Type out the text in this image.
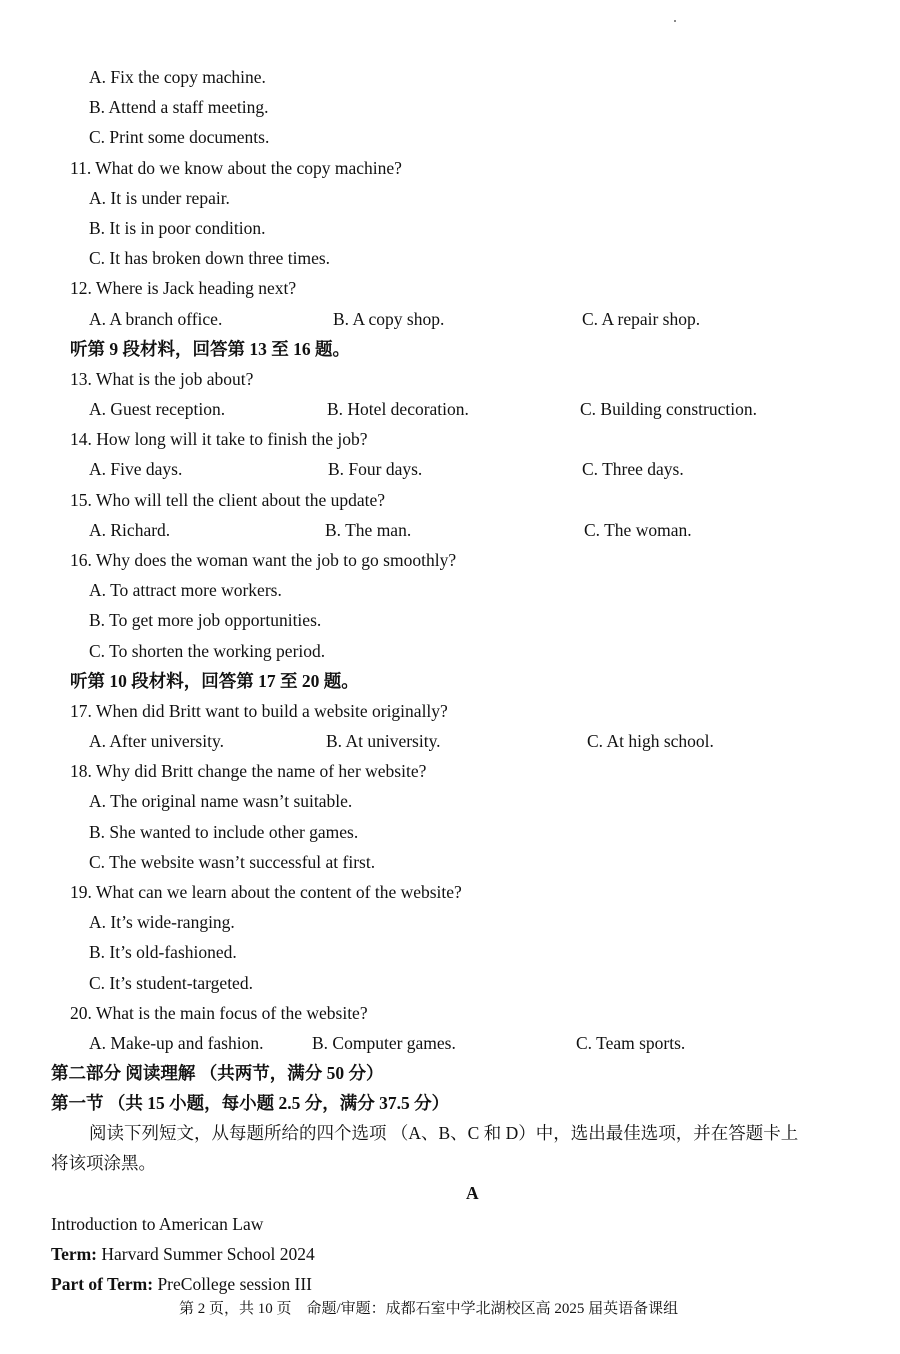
A. Fix the copy machine.
B. Attend a staff meeting.
C. Print some documents.
11. What do we know about the copy machine?
A. It is under repair.
B. It is in poor condition.
C. It has broken down three times.
12. Where is Jack heading next?
A. A branch office.	B. A copy shop.	C. A repair shop.
听第 9 段材料，回答第 13 至 16 题。
13. What is the job about?
A. Guest reception.	B. Hotel decoration.	C. Building construction.
14. How long will it take to finish the job?
A. Five days.	B. Four days.	C. Three days.
15. Who will tell the client about the update?
A. Richard.	B. The man.	C. The woman.
16. Why does the woman want the job to go smoothly?
A. To attract more workers.
B. To get more job opportunities.
C. To shorten the working period.
听第 10 段材料，回答第 17 至 20 题。
17. When did Britt want to build a website originally?
A. After university.	B. At university.	C. At high school.
18. Why did Britt change the name of her website?
A. The original name wasn’t suitable.
B. She wanted to include other games.
C. The website wasn’t successful at first.
19. What can we learn about the content of the website?
A. It’s wide-ranging.
B. It’s old-fashioned.
C. It’s student-targeted.
20. What is the main focus of the website?
A. Make-up and fashion.	B. Computer games.	C. Team sports.
第二部分 阅读理解 （共两节，满分 50 分）
第一节 （共 15 小题，每小题 2.5 分，满分 37.5 分）
阅读下列短文，从每题所给的四个选项 （A、B、C 和 D）中，选出最佳选项，并在答题卡上
将该项涂黑。
A
Introduction to American Law
Term: Harvard Summer School 2024
Part of Term: PreCollege session III
第 2 页，共 10 页    命题/审题：成都石室中学北湖校区高 2025 届英语备课组
